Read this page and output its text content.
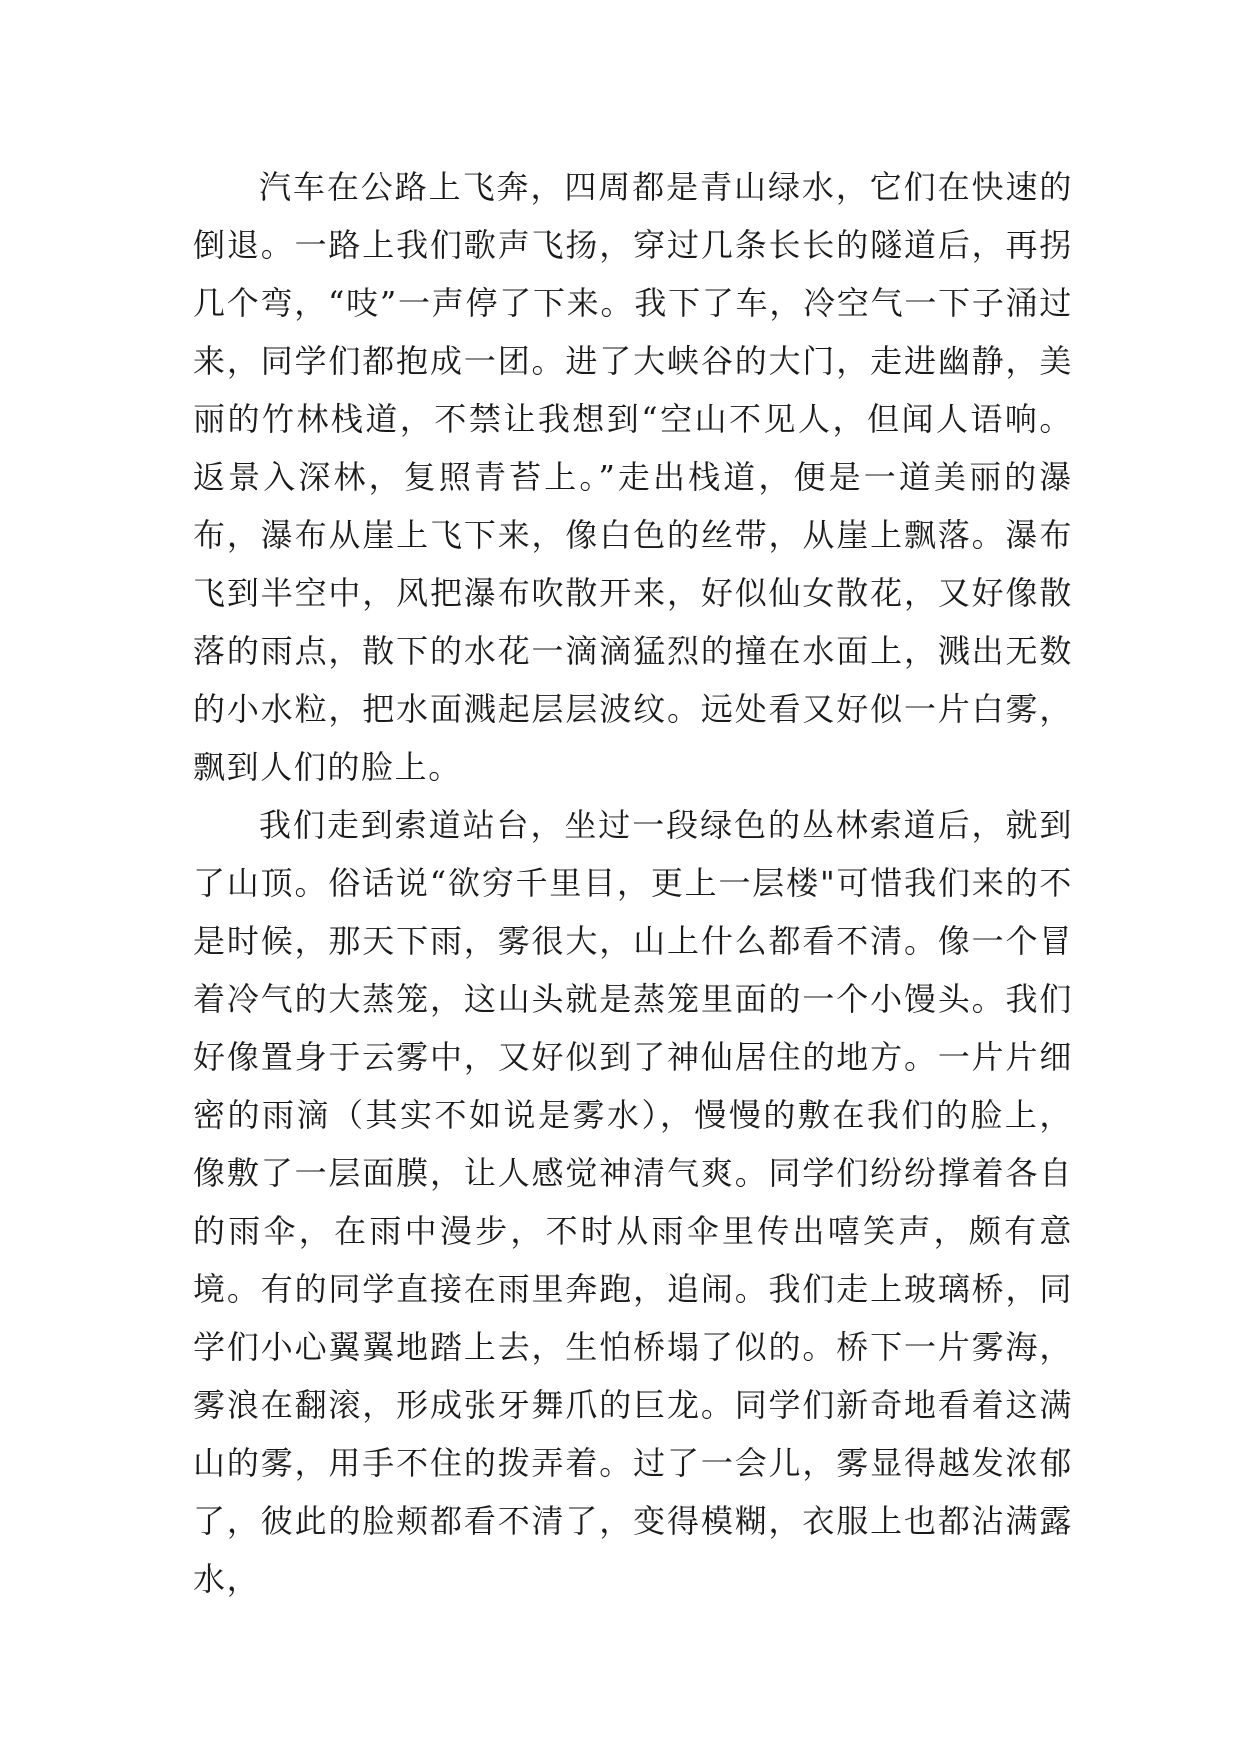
汽车在公路上飞奔，四周都是青山绿水，它们在快速的倒退。一路上我们歌声飞扬，穿过几条长长的隧道后，再拐几个弯，“吱”一声停了下来。我下了车，冷空气一下子涌过来，同学们都抱成一团。进了大峡谷的大门，走进幽静，美丽的竹林栈道，不禁让我想到“空山不见人，但闻人语响。返景入深林，复照青苔上。”走出栈道，便是一道美丽的瀑布，瀑布从崖上飞下来，像白色的丝带，从崖上飘落。瀑布飞到半空中，风把瀑布吹散开来，好似仙女散花，又好像散落的雨点，散下的水花一滴滴猛烈的撞在水面上，溅出无数的小水粒，把水面溅起层层波纹。远处看又好似一片白雾，飘到人们的脸上。

我们走到索道站台，坐过一段绿色的丛林索道后，就到了山顶。俗话说“欲穷千里目，更上一层楼"可惜我们来的不是时候，那天下雨，雾很大，山上什么都看不清。像一个冒着冷气的大蒸笼，这山头就是蒸笼里面的一个小馒头。我们好像置身于云雾中，又好似到了神仙居住的地方。一片片细密的雨滴（其实不如说是雾水），慢慢的敷在我们的脸上，像敷了一层面膜，让人感觉神清气爽。同学们纷纷撑着各自的雨伞，在雨中漫步，不时从雨伞里传出嘻笑声，颇有意境。有的同学直接在雨里奔跑，追闹。我们走上玻璃桥，同学们小心翼翼地踏上去，生怕桥塌了似的。桥下一片雾海，雾浪在翻滚，形成张牙舞爪的巨龙。同学们新奇地看着这满山的雾，用手不住的拨弄着。过了一会儿，雾显得越发浓郁了，彼此的脸颊都看不清了，变得模糊，衣服上也都沾满露水，
